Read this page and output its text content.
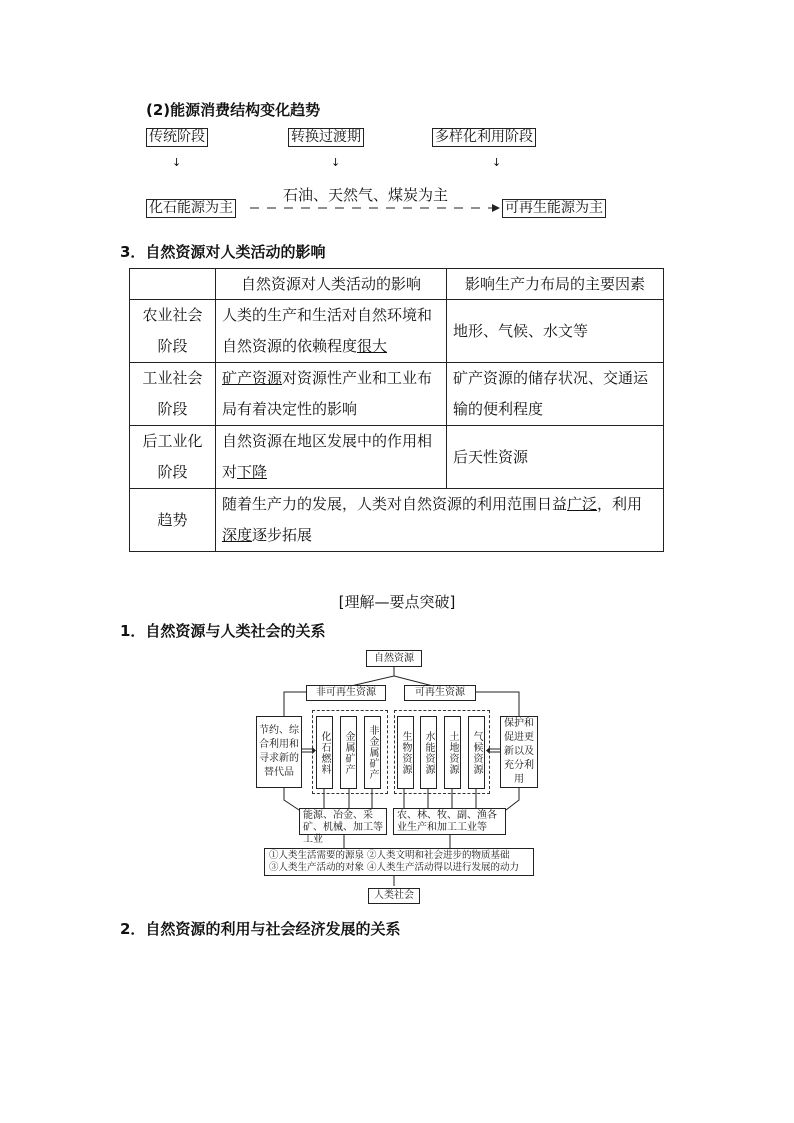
(2)能源消费结构变化趋势
传统阶段	转换过渡期	多样化利用阶段
↓	↓	↓
石油、天然气、煤炭为主
化石能源为主	可再生能源为主
3．自然资源对人类活动的影响
	自然资源对人类活动的影响	影响生产力布局的主要因素
农业社会阶段	人类的生产和生活对自然环境和自然资源的依赖程度很大	地形、气候、水文等
工业社会阶段	矿产资源对资源性产业和工业布局有着决定性的影响	矿产资源的储存状况、交通运输的便利程度
后工业化阶段	自然资源在地区发展中的作用相对下降	后天性资源
趋势	随着生产力的发展，人类对自然资源的利用范围日益广泛，利用深度逐步拓展	
[理解—要点突破]
1．自然资源与人类社会的关系
自然资源
非可再生资源	可再生资源
节约、综合利用和寻求新的替代品
保护和促进更新以及充分利用
化石燃料	金属矿产	非金属矿产	生物资源	水能资源	土地资源	气候资源
能源、冶金、采矿、机械、加工等工业
农、林、牧、副、渔各业生产和加工工业等
①人类生活需要的源泉 ②人类文明和社会进步的物质基础
③人类生产活动的对象 ④人类生产活动得以进行发展的动力
人类社会
2．自然资源的利用与社会经济发展的关系
